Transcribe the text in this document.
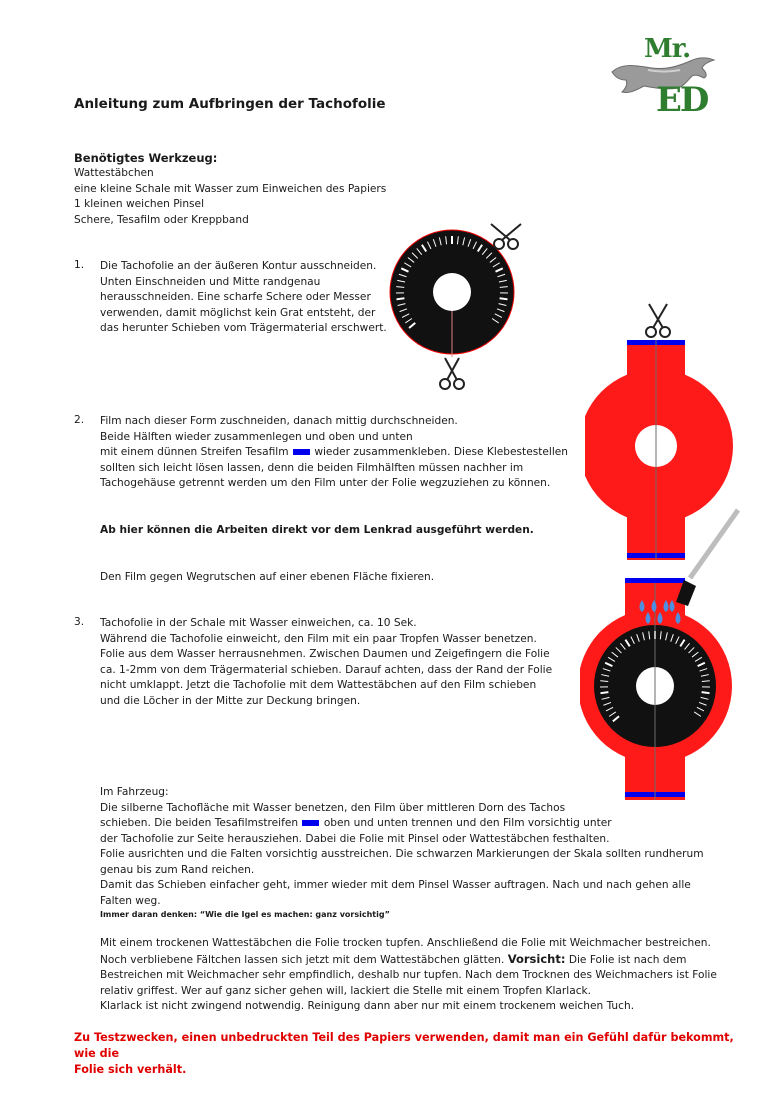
Mr.
ED
Anleitung zum Aufbringen der Tachofolie
Benötigtes Werkzeug:
Wattestäbchen
eine kleine Schale mit Wasser zum Einweichen des Papiers
1 kleinen weichen Pinsel
Schere, Tesafilm oder Kreppband
1. Die Tachofolie an der äußeren Kontur ausschneiden.
Unten Einschneiden und Mitte randgenau
herausschneiden. Eine scharfe Schere oder Messer
verwenden, damit möglichst kein Grat entsteht, der
das herunter Schieben vom Trägermaterial erschwert.
2. Film nach dieser Form zuschneiden, danach mittig durchschneiden.
Beide Hälften wieder zusammenlegen und oben und unten
mit einem dünnen Streifen Tesafilm wieder zusammenkleben. Diese Klebestestellen
sollten sich leicht lösen lassen, denn die beiden Filmhälften müssen nachher im
Tachogehäuse getrennt werden um den Film unter der Folie wegzuziehen zu können.
Ab hier können die Arbeiten direkt vor dem Lenkrad ausgeführt werden.
Den Film gegen Wegrutschen auf einer ebenen Fläche fixieren.
3. Tachofolie in der Schale mit Wasser einweichen, ca. 10 Sek.
Während die Tachofolie einweicht, den Film mit ein paar Tropfen Wasser benetzen.
Folie aus dem Wasser herrausnehmen. Zwischen Daumen und Zeigefingern die Folie
ca. 1-2mm von dem Trägermaterial schieben. Darauf achten, dass der Rand der Folie
nicht umklappt. Jetzt die Tachofolie mit dem Wattestäbchen auf den Film schieben
und die Löcher in der Mitte zur Deckung bringen.
Im Fahrzeug:
Die silberne Tachofläche mit Wasser benetzen, den Film über mittleren Dorn des Tachos
schieben. Die beiden Tesafilmstreifen oben und unten trennen und den Film vorsichtig unter
der Tachofolie zur Seite herausziehen. Dabei die Folie mit Pinsel oder Wattestäbchen festhalten.
Folie ausrichten und die Falten vorsichtig ausstreichen. Die schwarzen Markierungen der Skala sollten rundherum
genau bis zum Rand reichen.
Damit das Schieben einfacher geht, immer wieder mit dem Pinsel Wasser auftragen. Nach und nach gehen alle
Falten weg.
Immer daran denken: “Wie die Igel es machen: ganz vorsichtig”
Mit einem trockenen Wattestäbchen die Folie trocken tupfen. Anschließend die Folie mit Weichmacher bestreichen.
Noch verbliebene Fältchen lassen sich jetzt mit dem Wattestäbchen glätten. Vorsicht: Die Folie ist nach dem
Bestreichen mit Weichmacher sehr empfindlich, deshalb nur tupfen. Nach dem Trocknen des Weichmachers ist Folie
relativ griffest. Wer auf ganz sicher gehen will, lackiert die Stelle mit einem Tropfen Klarlack.
Klarlack ist nicht zwingend notwendig. Reinigung dann aber nur mit einem trockenem weichen Tuch.
Zu Testzwecken, einen unbedruckten Teil des Papiers verwenden, damit man ein Gefühl dafür bekommt, wie die
Folie sich verhält.
